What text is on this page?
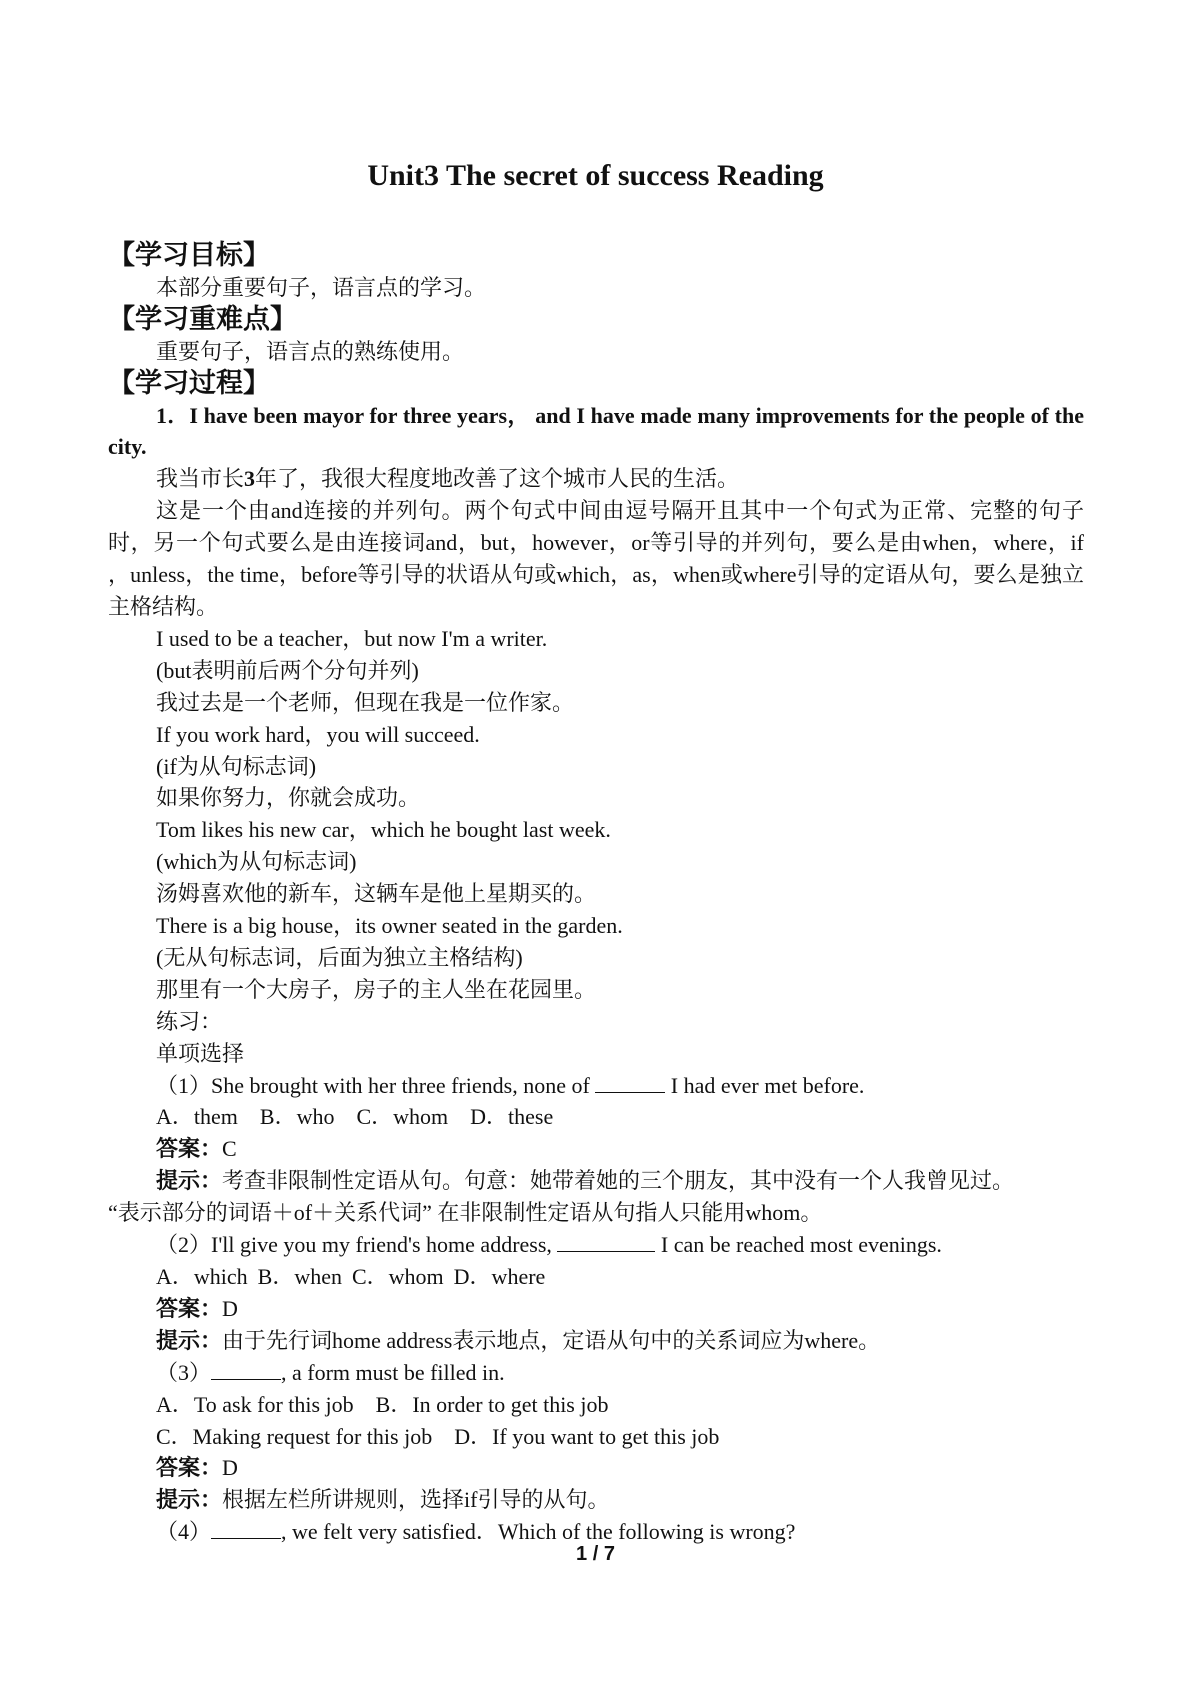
Unit3 The secret of success Reading

【学习目标】

本部分重要句子，语言点的学习。

【学习重难点】

重要句子，语言点的熟练使用。

【学习过程】

1．I have been mayor for three years， and I have made many improvements for the people of the city.

我当市长3年了，我很大程度地改善了这个城市人民的生活。

这是一个由and连接的并列句。两个句式中间由逗号隔开且其中一个句式为正常、完整的句子时，另一个句式要么是由连接词and，but，however，or等引导的并列句，要么是由when，where，if ，unless，the time，before等引导的状语从句或which，as，when或where引导的定语从句，要么是独立主格结构。

I used to be a teacher，but now I'm a writer.

(but表明前后两个分句并列)

我过去是一个老师，但现在我是一位作家。

If you work hard，you will succeed.

(if为从句标志词)

如果你努力，你就会成功。

Tom likes his new car，which he bought last week.

(which为从句标志词)

汤姆喜欢他的新车，这辆车是他上星期买的。

There is a big house，its owner seated in the garden.

(无从句标志词，后面为独立主格结构)

那里有一个大房子，房子的主人坐在花园里。

练习：

单项选择

（1）She brought with her three friends, none of	I had ever met before.

A．them B．who C．whom D．these

答案：C

提示：考查非限制性定语从句。句意：她带着她的三个朋友，其中没有一个人我曾见过。

“表示部分的词语＋of＋关系代词” 在非限制性定语从句指人只能用whom。

（2）I'll give you my friend's home address,	I can be reached most evenings.

A．which B．when C．whom D．where

答案：D

提示：由于先行词home address表示地点，定语从句中的关系词应为where。

（3）	, a form must be filled in.

A．To ask for this job B．In order to get this job

C．Making request for this job D．If you want to get this job

答案：D

提示：根据左栏所讲规则，选择if引导的从句。

（4）	, we felt very satisfied．Which of the following is wrong?

1 / 7
